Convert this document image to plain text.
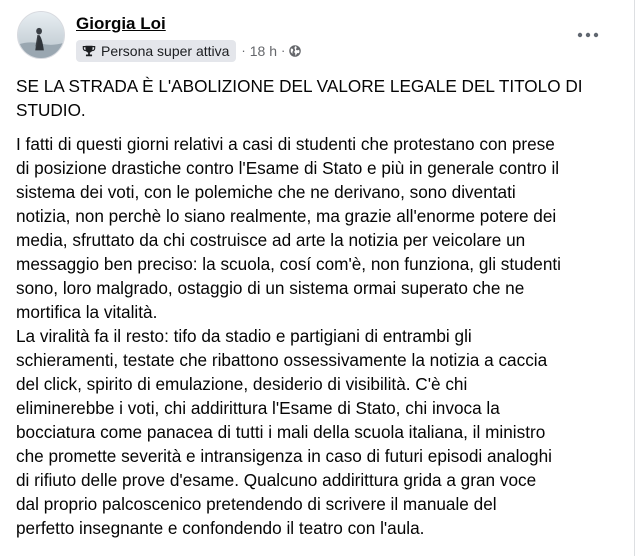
Giorgia Loi
Persona super attiva · 18 h ·

SE LA STRADA È L'ABOLIZIONE DEL VALORE LEGALE DEL TITOLO DI
STUDIO.

I fatti di questi giorni relativi a casi di studenti che protestano con prese
di posizione drastiche contro l'Esame di Stato e più in generale contro il
sistema dei voti, con le polemiche che ne derivano, sono diventati
notizia, non perchè lo siano realmente, ma grazie all'enorme potere dei
media, sfruttato da chi costruisce ad arte la notizia per veicolare un
messaggio ben preciso: la scuola, cosí com'è, non funziona, gli studenti
sono, loro malgrado, ostaggio di un sistema ormai superato che ne
mortifica la vitalità.

La viralità fa il resto: tifo da stadio e partigiani di entrambi gli
schieramenti, testate che ribattono ossessivamente la notizia a caccia
del click, spirito di emulazione, desiderio di visibilità. C'è chi
eliminerebbe i voti, chi addirittura l'Esame di Stato, chi invoca la
bocciatura come panacea di tutti i mali della scuola italiana, il ministro
che promette severità e intransigenza in caso di futuri episodi analoghi
di rifiuto delle prove d'esame. Qualcuno addirittura grida a gran voce
dal proprio palcoscenico pretendendo di scrivere il manuale del
perfetto insegnante e confondendo il teatro con l'aula.
